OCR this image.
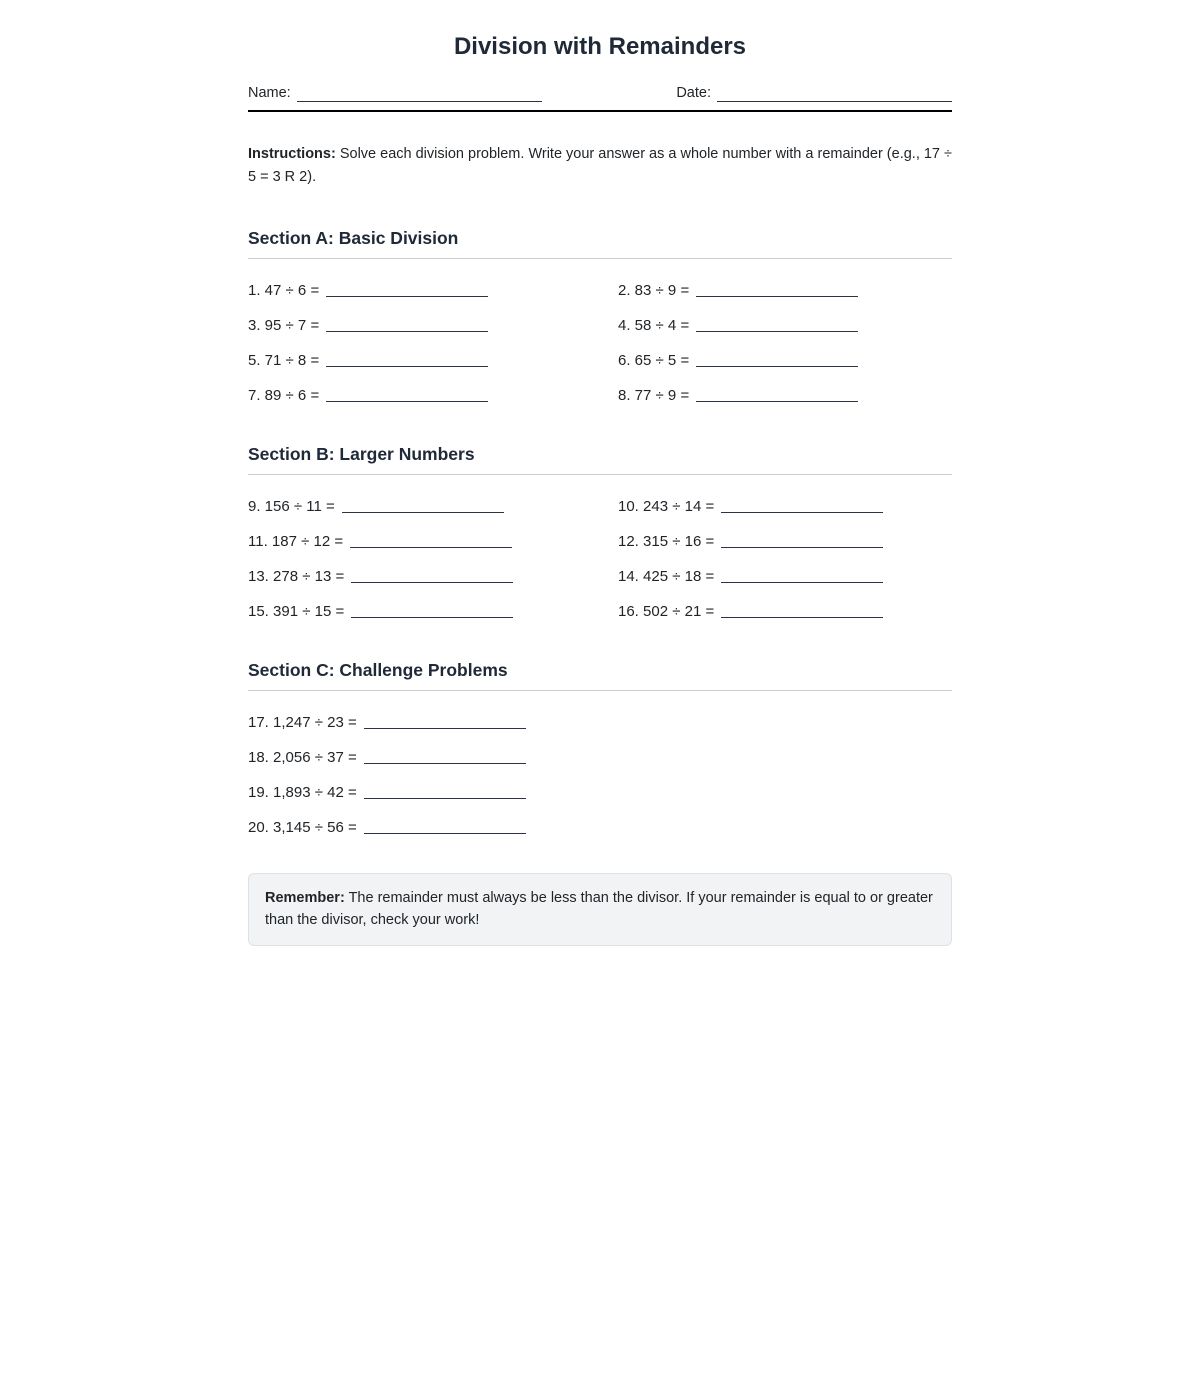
Division with Remainders
Name:	Date:

Instructions: Solve each division problem. Write your answer as a whole number with a remainder (e.g., 17 ÷ 5 = 3 R 2).

Section A: Basic Division
1. 47 ÷ 6 =	2. 83 ÷ 9 =
3. 95 ÷ 7 =	4. 58 ÷ 4 =
5. 71 ÷ 8 =	6. 65 ÷ 5 =
7. 89 ÷ 6 =	8. 77 ÷ 9 =
Section B: Larger Numbers
9. 156 ÷ 11 =	10. 243 ÷ 14 =
11. 187 ÷ 12 =	12. 315 ÷ 16 =
13. 278 ÷ 13 =	14. 425 ÷ 18 =
15. 391 ÷ 15 =	16. 502 ÷ 21 =
Section C: Challenge Problems
17. 1,247 ÷ 23 =
18. 2,056 ÷ 37 =
19. 1,893 ÷ 42 =
20. 3,145 ÷ 56 =
Remember: The remainder must always be less than the divisor. If your remainder is equal to or greater than the divisor, check your work!
